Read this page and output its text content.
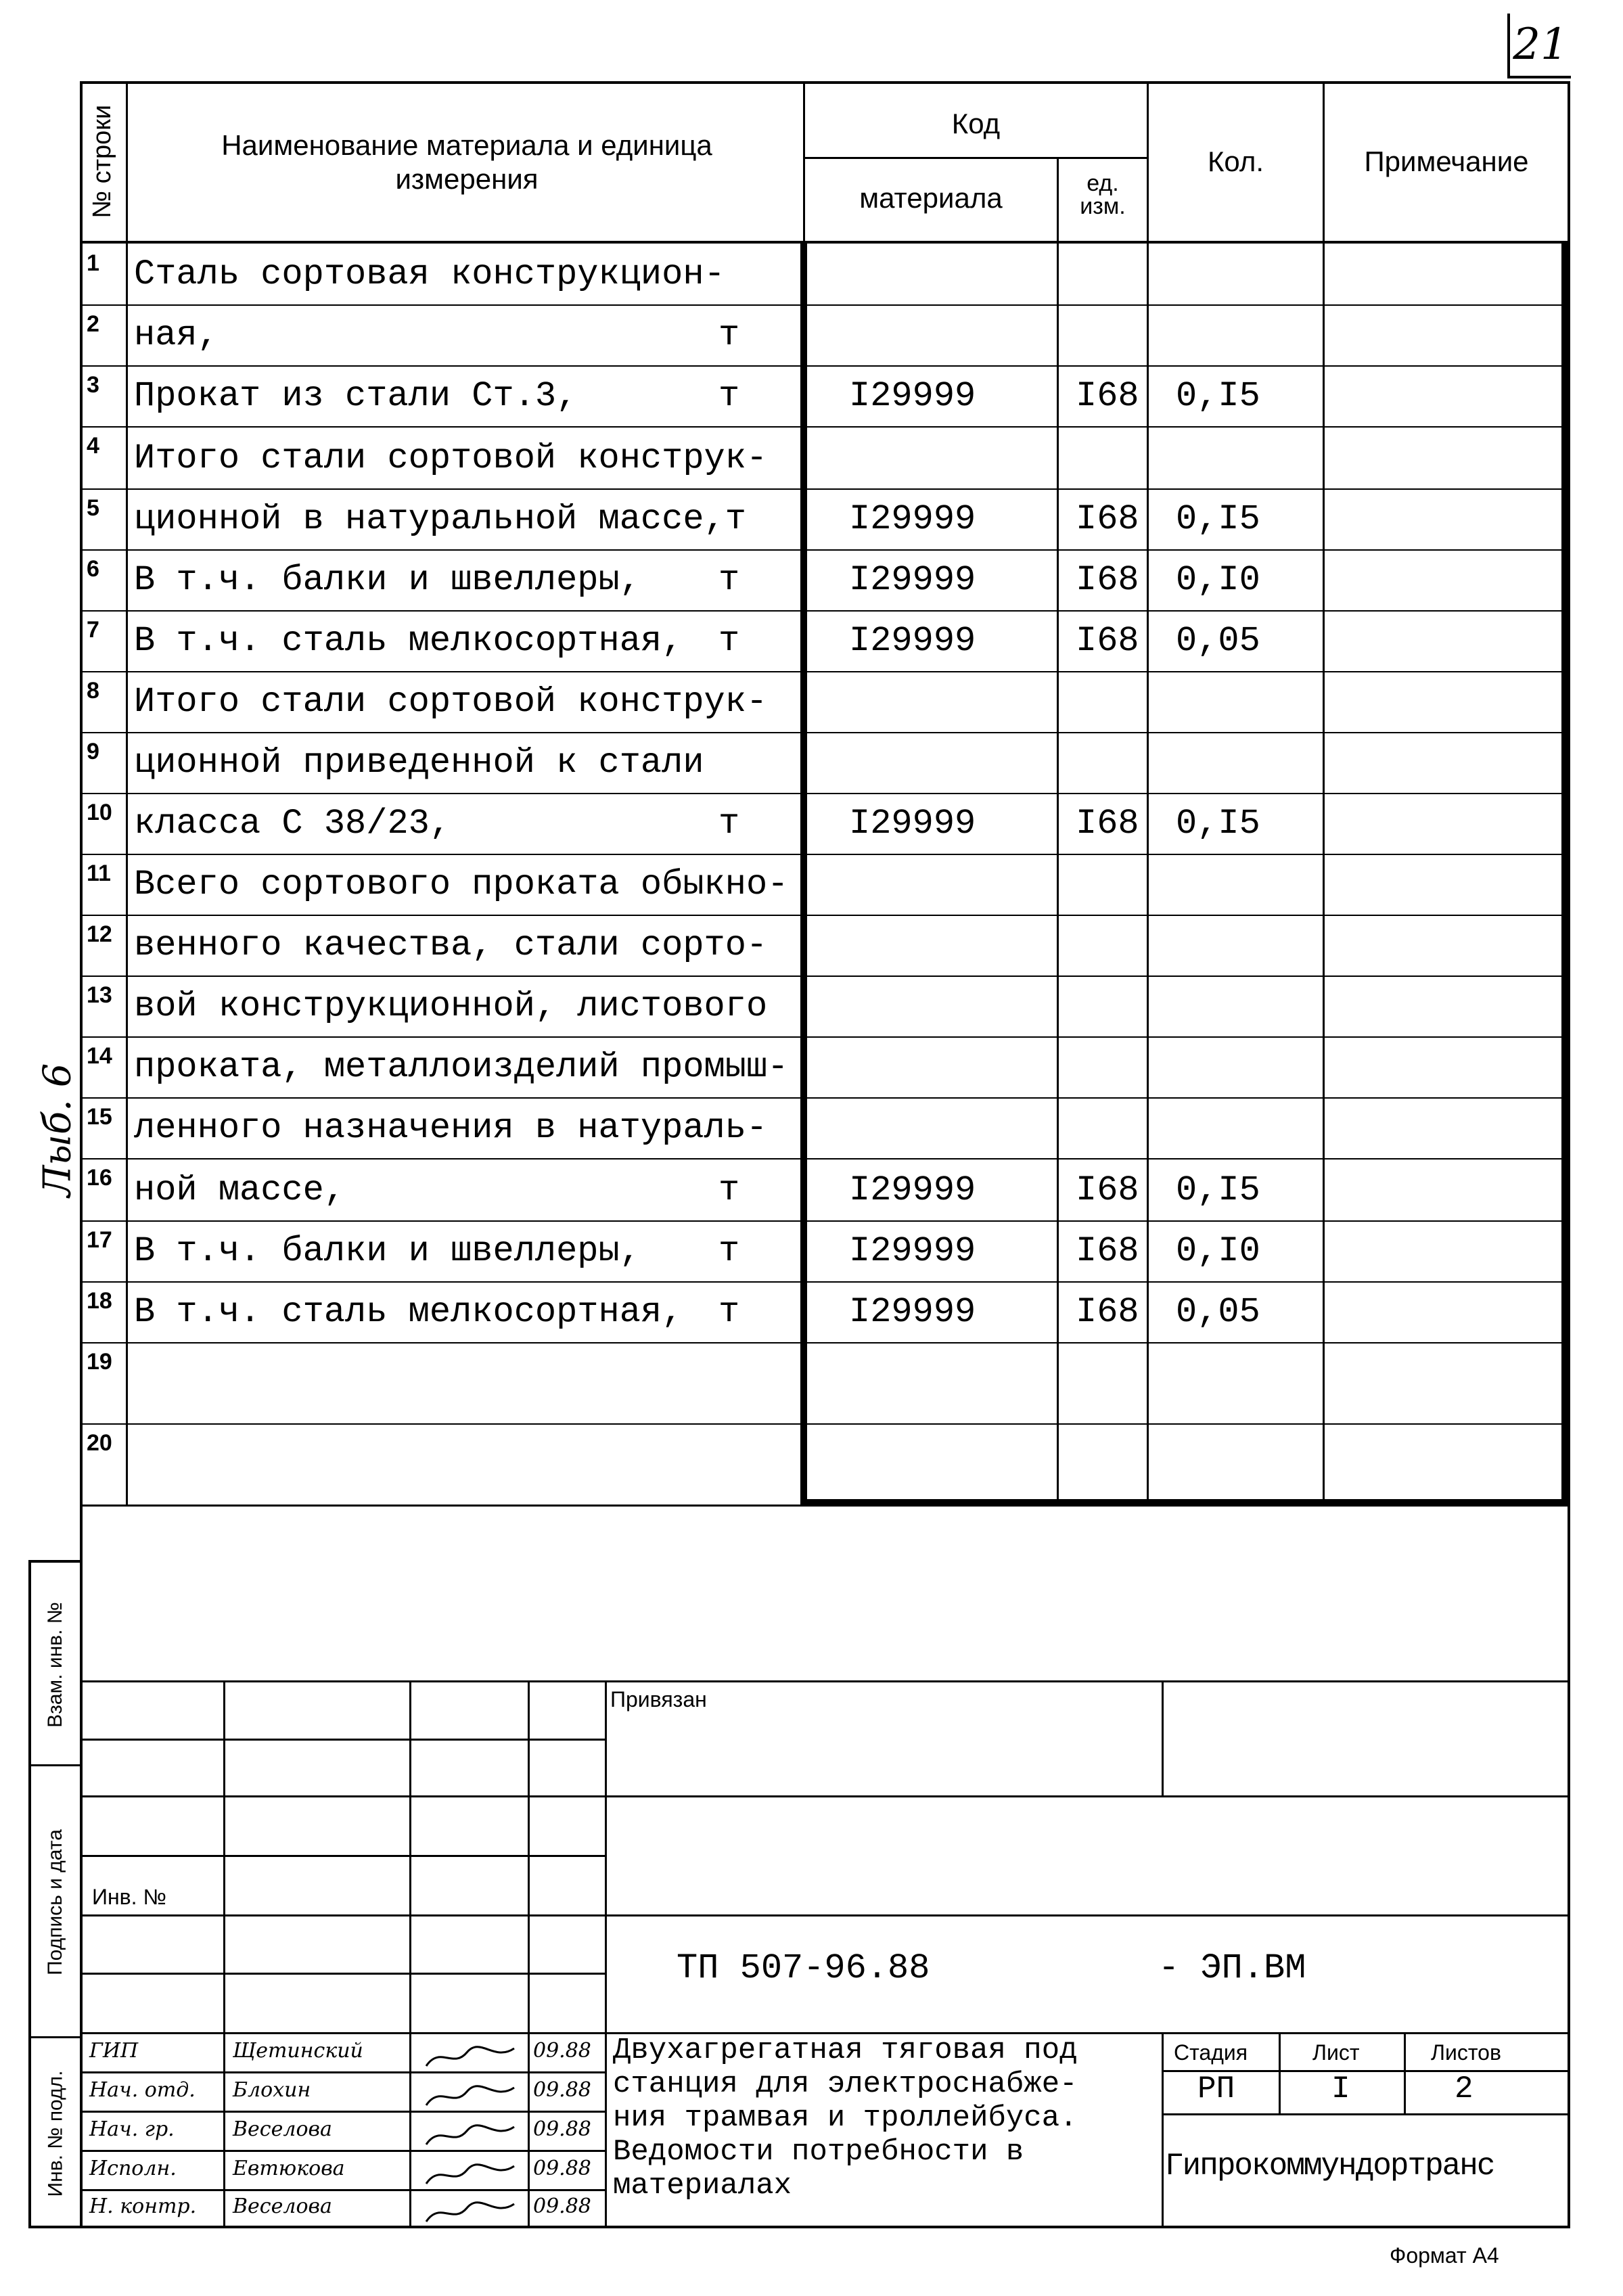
21
Лыб. 6
Взам. инв. №
Подпись и дата
Инв. № подл.
№ строки	Наименование материала и единица измерения
Код
материала	ед. изм.
Кол.	Примечание
1 Сталь сортовая конструкцион-
2 ная,	т
3 Прокат из стали Ст.3,	т	I29999	I68 0,I5
4 Итого стали сортовой конструк-
5 ционной в натуральной массе,т	I29999	I68 0,I5
6 В т.ч. балки и швеллеры, т	I29999	I68 0,I0
7 В т.ч. сталь мелкосортная, т	I29999	I68 0,05
8 Итого стали сортовой конструк-
9 ционной приведенной к стали
10 класса С 38/23,	т	I29999	I68 0,I5
11 Всего сортового проката обыкно-
12 венного качества, стали сорто-
13 вой конструкционной, листового
14 проката, металлоизделий промыш-
15 ленного назначения в натураль-
16 ной массе,	т	I29999	I68 0,I5
17 В т.ч. балки и швеллеры, т	I29999	I68 0,I0
18 В т.ч. сталь мелкосортная, т	I29999	I68 0,05
19
20
Привязан
Инв. №
ТП 507-96.88	- ЭП.ВМ
Двухагрегатная тяговая под
станция для электроснабже-
ния трамвая и троллейбуса.
Ведомости потребности в
материалах
Стадия	Лист	Листов
РП	I	2
Гипрокоммундортранс
ГИП	Щетинский	09.88
Нач. отд. Блохин	09.88
Нач. гр.	Веселова	09.88
Исполн.	Евтюкова	09.88
Н. контр. Веселова	09.88
Формат А4
